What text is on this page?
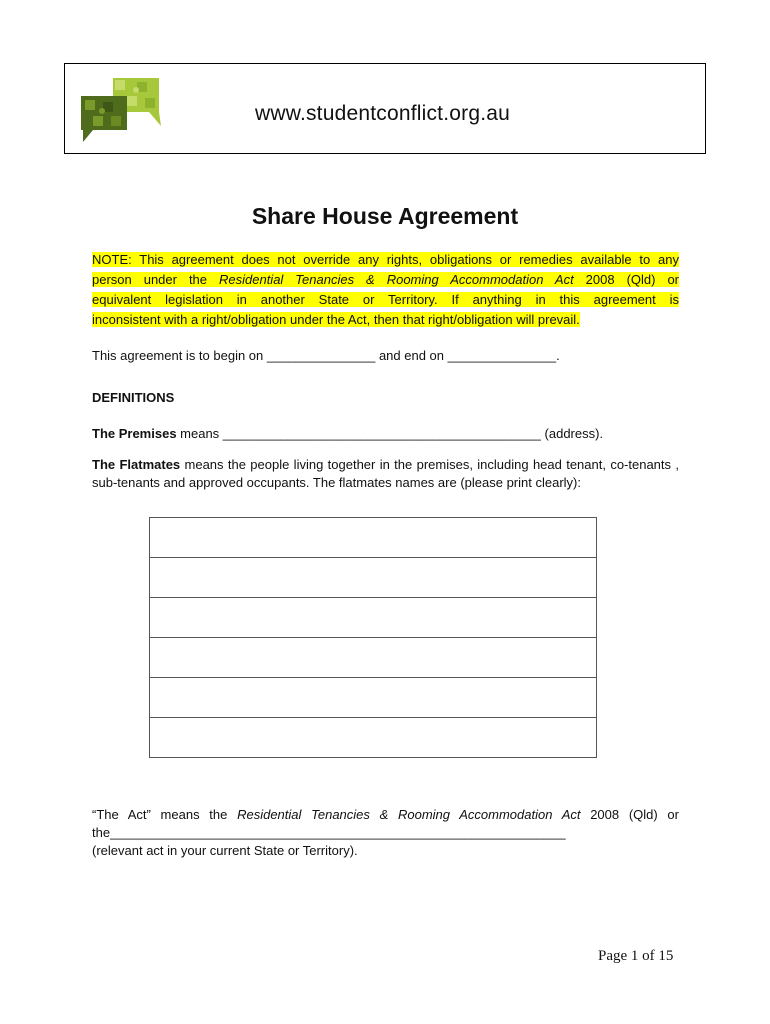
www.studentconflict.org.au
Share House Agreement
NOTE: This agreement does not override any rights, obligations or remedies available to any
person under the Residential Tenancies & Rooming Accommodation Act 2008 (Qld) or
equivalent legislation in another State or Territory. If anything in this agreement is
inconsistent with a right/obligation under the Act, then that right/obligation will prevail.
This agreement is to begin on _______________ and end on _______________.
DEFINITIONS
The Premises means ____________________________________________ (address).
The Flatmates means the people living together in the premises, including head tenant, co-tenants , sub-tenants and approved occupants. The flatmates names are (please print clearly):

“The Act” means the Residential Tenancies & Rooming Accommodation Act 2008 (Qld) or
the_______________________________________________________________
(relevant act in your current State or Territory).
Page 1 of 15
